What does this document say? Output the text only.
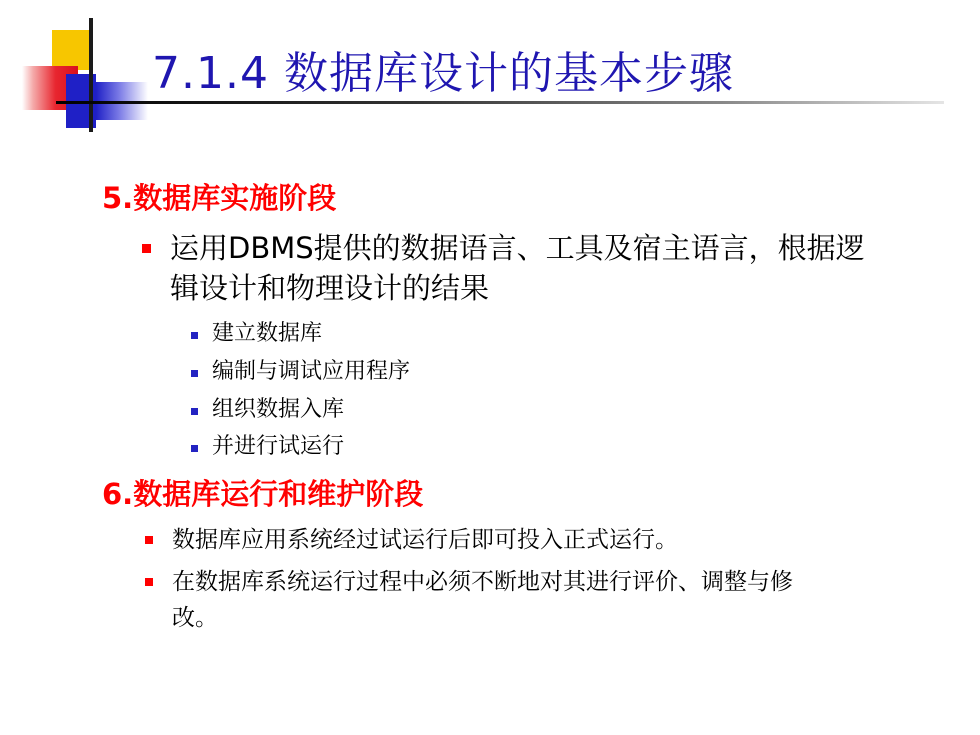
7.1.4 数据库设计的基本步骤
5.数据库实施阶段
运用DBMS提供的数据语言、工具及宿主语言，根据逻
辑设计和物理设计的结果
建立数据库
编制与调试应用程序
组织数据入库
并进行试运行
6.数据库运行和维护阶段
数据库应用系统经过试运行后即可投入正式运行。
在数据库系统运行过程中必须不断地对其进行评价、调整与修
改。
